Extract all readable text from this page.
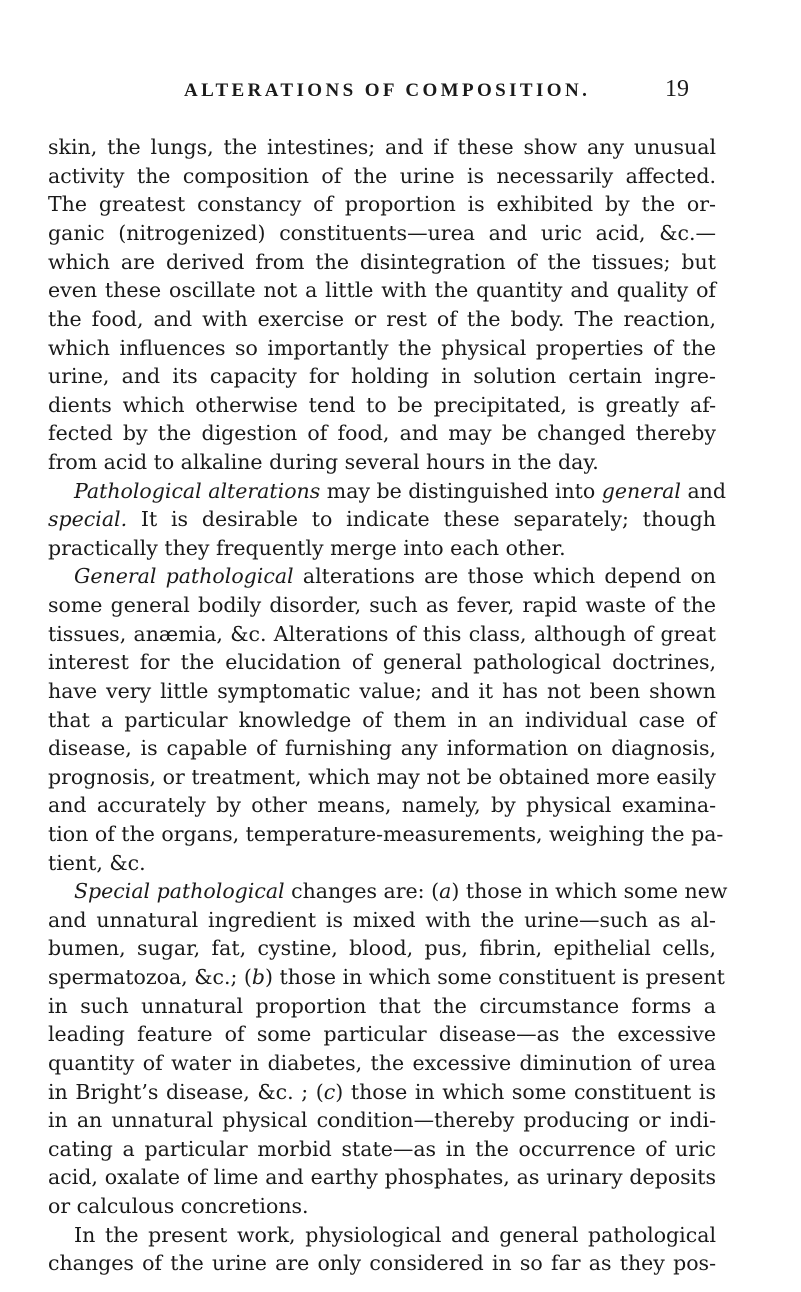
ALTERATIONS OF COMPOSITION.	19
skin, the lungs, the intestines; and if these show any unusual
activity the composition of the urine is necessarily affected.
The greatest constancy of proportion is exhibited by the or-
ganic (nitrogenized) constituents—urea and uric acid, &c.—
which are derived from the disintegration of the tissues; but
even these oscillate not a little with the quantity and quality of
the food, and with exercise or rest of the body. The reaction,
which influences so importantly the physical properties of the
urine, and its capacity for holding in solution certain ingre-
dients which otherwise tend to be precipitated, is greatly af-
fected by the digestion of food, and may be changed thereby
from acid to alkaline during several hours in the day.
Pathological alterations may be distinguished into general and
special. It is desirable to indicate these separately; though
practically they frequently merge into each other.
General pathological alterations are those which depend on
some general bodily disorder, such as fever, rapid waste of the
tissues, anæmia, &c. Alterations of this class, although of great
interest for the elucidation of general pathological doctrines,
have very little symptomatic value; and it has not been shown
that a particular knowledge of them in an individual case of
disease, is capable of furnishing any information on diagnosis,
prognosis, or treatment, which may not be obtained more easily
and accurately by other means, namely, by physical examina-
tion of the organs, temperature-measurements, weighing the pa-
tient, &c.
Special pathological changes are: (a) those in which some new
and unnatural ingredient is mixed with the urine—such as al-
bumen, sugar, fat, cystine, blood, pus, fibrin, epithelial cells,
spermatozoa, &c.; (b) those in which some constituent is present
in such unnatural proportion that the circumstance forms a
leading feature of some particular disease—as the excessive
quantity of water in diabetes, the excessive diminution of urea
in Bright’s disease, &c. ; (c) those in which some constituent is
in an unnatural physical condition—thereby producing or indi-
cating a particular morbid state—as in the occurrence of uric
acid, oxalate of lime and earthy phosphates, as urinary deposits
or calculous concretions.
In the present work, physiological and general pathological
changes of the urine are only considered in so far as they pos-
